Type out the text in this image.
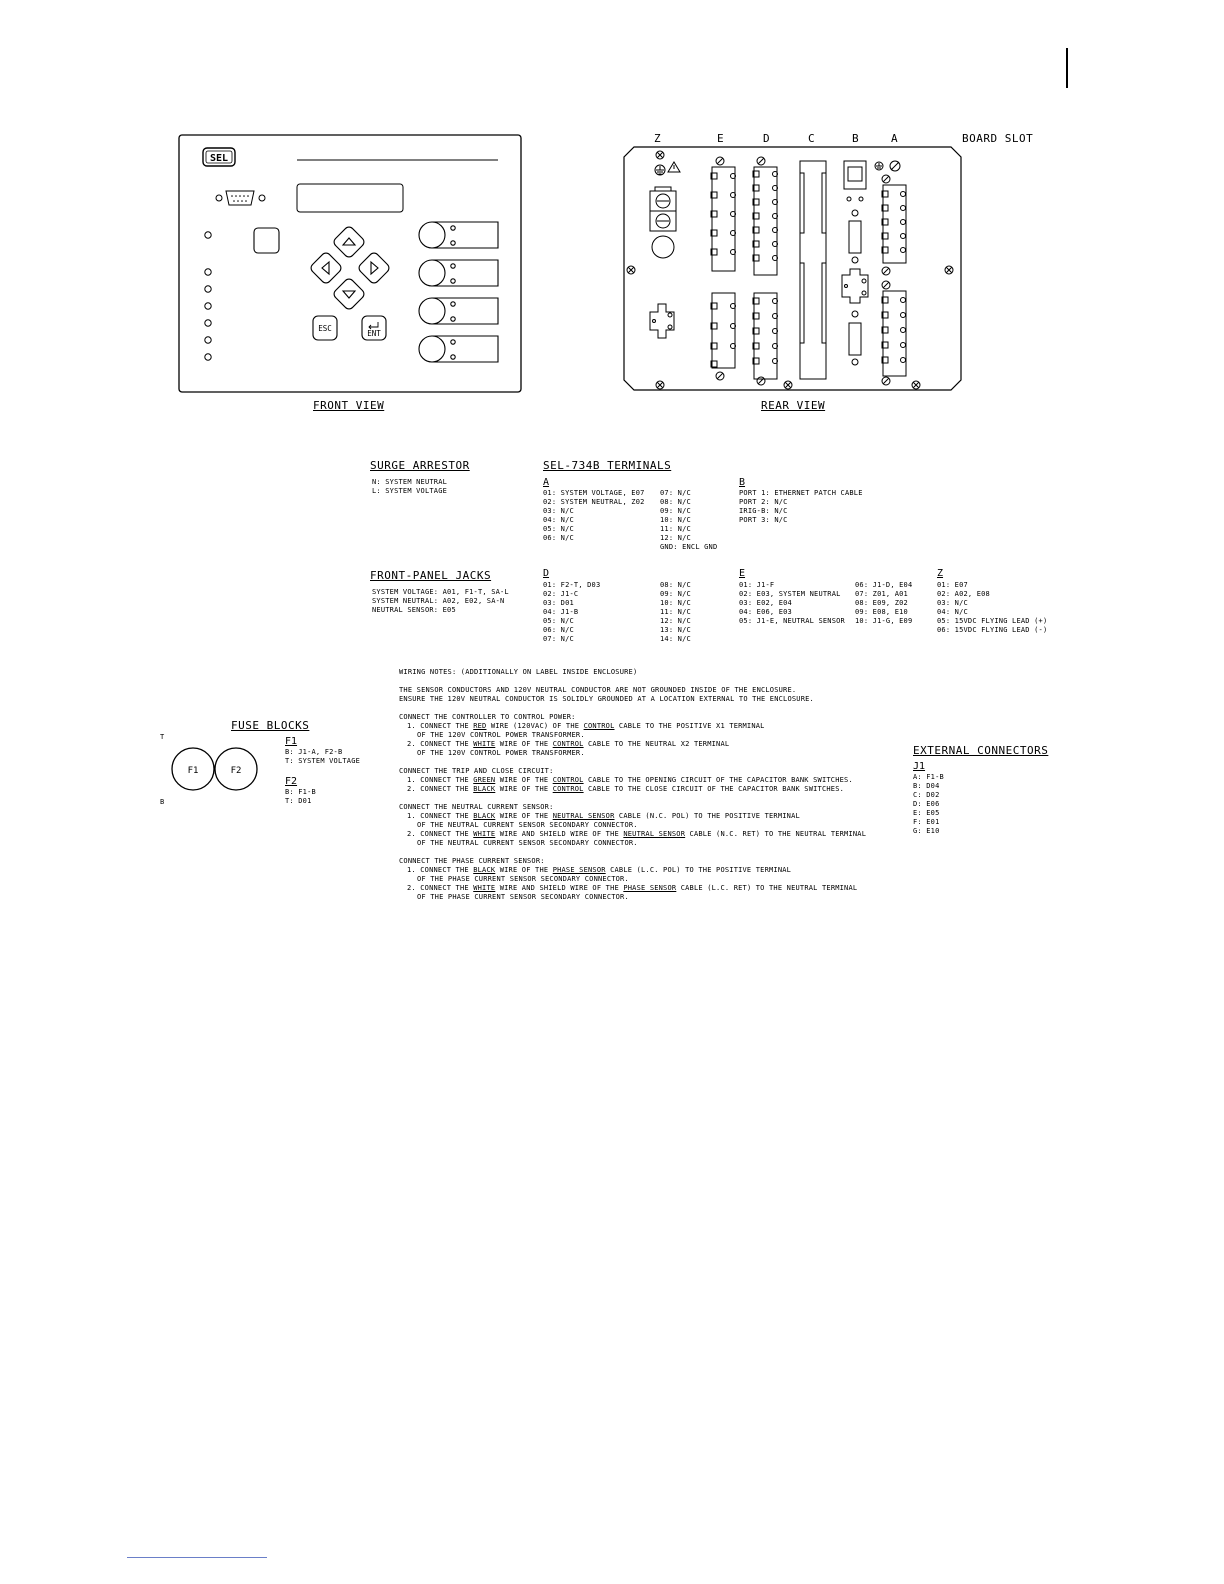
SEL
ESC
ENT
FRONT VIEW
Z	E	D	C	B	A	BOARD SLOT
REAR VIEW
SURGE ARRESTOR
N: SYSTEM NEUTRAL
L: SYSTEM VOLTAGE
SEL-734B TERMINALS
A
01: SYSTEM VOLTAGE, E07
02: SYSTEM NEUTRAL, Z02
03: N/C
04: N/C
05: N/C
06: N/C
07: N/C
08: N/C
09: N/C
10: N/C
11: N/C
12: N/C
GND: ENCL GND
B
PORT 1: ETHERNET PATCH CABLE
PORT 2: N/C
IRIG-B: N/C
PORT 3: N/C
FRONT-PANEL JACKS
SYSTEM VOLTAGE: A01, F1-T, SA-L
SYSTEM NEUTRAL: A02, E02, SA-N
NEUTRAL SENSOR: E05
D
01: F2-T, D03
02: J1-C
03: D01
04: J1-B
05: N/C
06: N/C
07: N/C
08: N/C
09: N/C
10: N/C
11: N/C
12: N/C
13: N/C
14: N/C
E
01: J1-F
02: E03, SYSTEM NEUTRAL
03: E02, E04
04: E06, E03
05: J1-E, NEUTRAL SENSOR
06: J1-D, E04
07: Z01, A01
08: E09, Z02
09: E08, E10
10: J1-G, E09
Z
01: E07
02: A02, E08
03: N/C
04: N/C
05: 15VDC FLYING LEAD (+)
06: 15VDC FLYING LEAD (-)
WIRING NOTES: (ADDITIONALLY ON LABEL INSIDE ENCLOSURE)
THE SENSOR CONDUCTORS AND 120V NEUTRAL CONDUCTOR ARE NOT GROUNDED INSIDE OF THE ENCLOSURE.
ENSURE THE 120V NEUTRAL CONDUCTOR IS SOLIDLY GROUNDED AT A LOCATION EXTERNAL TO THE ENCLOSURE.
CONNECT THE CONTROLLER TO CONTROL POWER:
1. CONNECT THE RED WIRE (120VAC) OF THE CONTROL CABLE TO THE POSITIVE X1 TERMINAL
OF THE 120V CONTROL POWER TRANSFORMER.
2. CONNECT THE WHITE WIRE OF THE CONTROL CABLE TO THE NEUTRAL X2 TERMINAL
OF THE 120V CONTROL POWER TRANSFORMER.
CONNECT THE TRIP AND CLOSE CIRCUIT:
1. CONNECT THE GREEN WIRE OF THE CONTROL CABLE TO THE OPENING CIRCUIT OF THE CAPACITOR BANK SWITCHES.
2. CONNECT THE BLACK WIRE OF THE CONTROL CABLE TO THE CLOSE CIRCUIT OF THE CAPACITOR BANK SWITCHES.
CONNECT THE NEUTRAL CURRENT SENSOR:
1. CONNECT THE BLACK WIRE OF THE NEUTRAL SENSOR CABLE (N.C. POL) TO THE POSITIVE TERMINAL
OF THE NEUTRAL CURRENT SENSOR SECONDARY CONNECTOR.
2. CONNECT THE WHITE WIRE AND SHIELD WIRE OF THE NEUTRAL SENSOR CABLE (N.C. RET) TO THE NEUTRAL TERMINAL
OF THE NEUTRAL CURRENT SENSOR SECONDARY CONNECTOR.
CONNECT THE PHASE CURRENT SENSOR:
1. CONNECT THE BLACK WIRE OF THE PHASE SENSOR CABLE (L.C. POL) TO THE POSITIVE TERMINAL
OF THE PHASE CURRENT SENSOR SECONDARY CONNECTOR.
2. CONNECT THE WHITE WIRE AND SHIELD WIRE OF THE PHASE SENSOR CABLE (L.C. RET) TO THE NEUTRAL TERMINAL
OF THE PHASE CURRENT SENSOR SECONDARY CONNECTOR.
FUSE BLOCKS
T
B
F1	F2
F1
B: J1-A, F2-B
T: SYSTEM VOLTAGE
F2
B: F1-B
T: D01
EXTERNAL CONNECTORS
J1
A: F1-B
B: D04
C: D02
D: E06
E: E05
F: E01
G: E10
